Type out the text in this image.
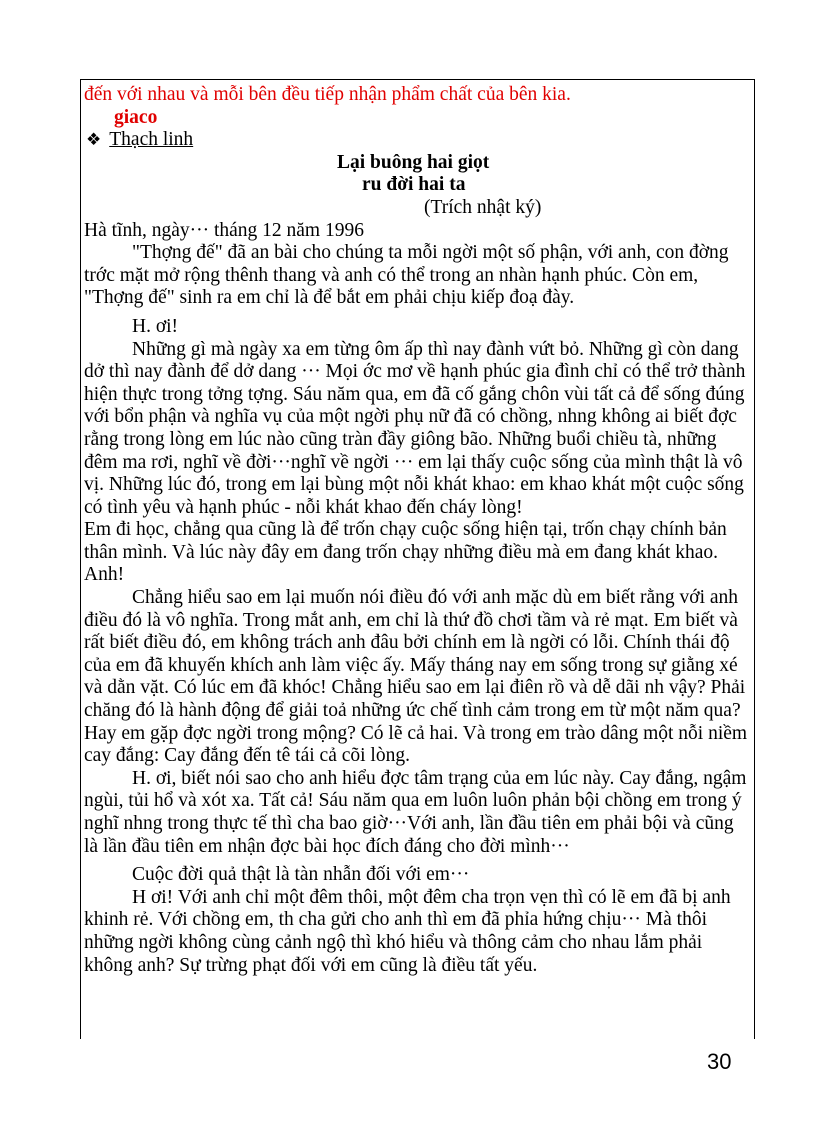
đến với nhau và mỗi bên đều tiếp nhận phẩm chất của bên kia.

giaco

❖ Thạch linh

Lại buông hai giọt

ru đời hai ta

(Trích nhật ký)

Hà tĩnh, ngày··· tháng 12 năm 1996

"Thợng đế" đã an bài cho chúng ta mỗi ngời một số phận, với anh, con đờng trớc mặt mở rộng thênh thang và anh có thể trong an nhàn hạnh phúc. Còn em, "Thợng đế" sinh ra em chỉ là để bắt em phải chịu kiếp đoạ đày.

H. ơi!

Những gì mà ngày xa em từng ôm ấp thì nay đành vứt bỏ. Những gì còn dang dở thì nay đành để dở dang ··· Mọi ớc mơ về hạnh phúc gia đình chỉ có thể trở thành hiện thực trong tởng tợng. Sáu năm qua, em đã cố gắng chôn vùi tất cả để sống đúng với bổn phận và nghĩa vụ của một ngời phụ nữ đã có chồng, nhng không ai biết đợc rằng trong lòng em lúc nào cũng tràn đầy giông bão. Những buổi chiều tà, những đêm ma rơi, nghĩ về đời···nghĩ về ngời ··· em lại thấy cuộc sống của mình thật là vô vị. Những lúc đó, trong em lại bùng một nỗi khát khao: em khao khát một cuộc sống có tình yêu và hạnh phúc - nỗi khát khao đến cháy lòng!

Em đi học, chẳng qua cũng là để trốn chạy cuộc sống hiện tại, trốn chạy chính bản thân mình. Và lúc này đây em đang trốn chạy những điều mà em đang khát khao.

Anh!

Chẳng hiểu sao em lại muốn nói điều đó với anh mặc dù em biết rằng với anh điều đó là vô nghĩa. Trong mắt anh, em chỉ là thứ đồ chơi tầm và rẻ mạt. Em biết và rất biết điều đó, em không trách anh đâu bởi chính em là ngời có lỗi. Chính thái độ của em đã khuyến khích anh làm việc ấy. Mấy tháng nay em sống trong sự giằng xé và dằn vặt. Có lúc em đã khóc! Chẳng hiểu sao em lại điên rồ và dễ dãi nh vậy? Phải chăng đó là hành động để giải toả những ức chế tình cảm trong em từ một năm qua? Hay em gặp đợc ngời trong mộng? Có lẽ cả hai. Và trong em trào dâng một nỗi niềm cay đắng: Cay đắng đến tê tái cả cõi lòng.

H. ơi, biết nói sao cho anh hiểu đợc tâm trạng của em lúc này. Cay đắng, ngậm ngùi, tủi hổ và xót xa. Tất cả! Sáu năm qua em luôn luôn phản bội chồng em trong ý nghĩ nhng trong thực tế thì cha bao giờ···Với anh, lần đầu tiên em phải bội và cũng là lần đầu tiên em nhận đợc bài học đích đáng cho đời mình···

Cuộc đời quả thật là tàn nhẫn đối với em···

H ơi! Với anh chỉ một đêm thôi, một đêm cha trọn vẹn thì có lẽ em đã bị anh khinh rẻ. Với chồng em, th cha gửi cho anh thì em đã phỉa hứng chịu··· Mà thôi những ngời không cùng cảnh ngộ thì khó hiểu và thông cảm cho nhau lắm phải không anh? Sự trừng phạt đối với em cũng là điều tất yếu.

30
